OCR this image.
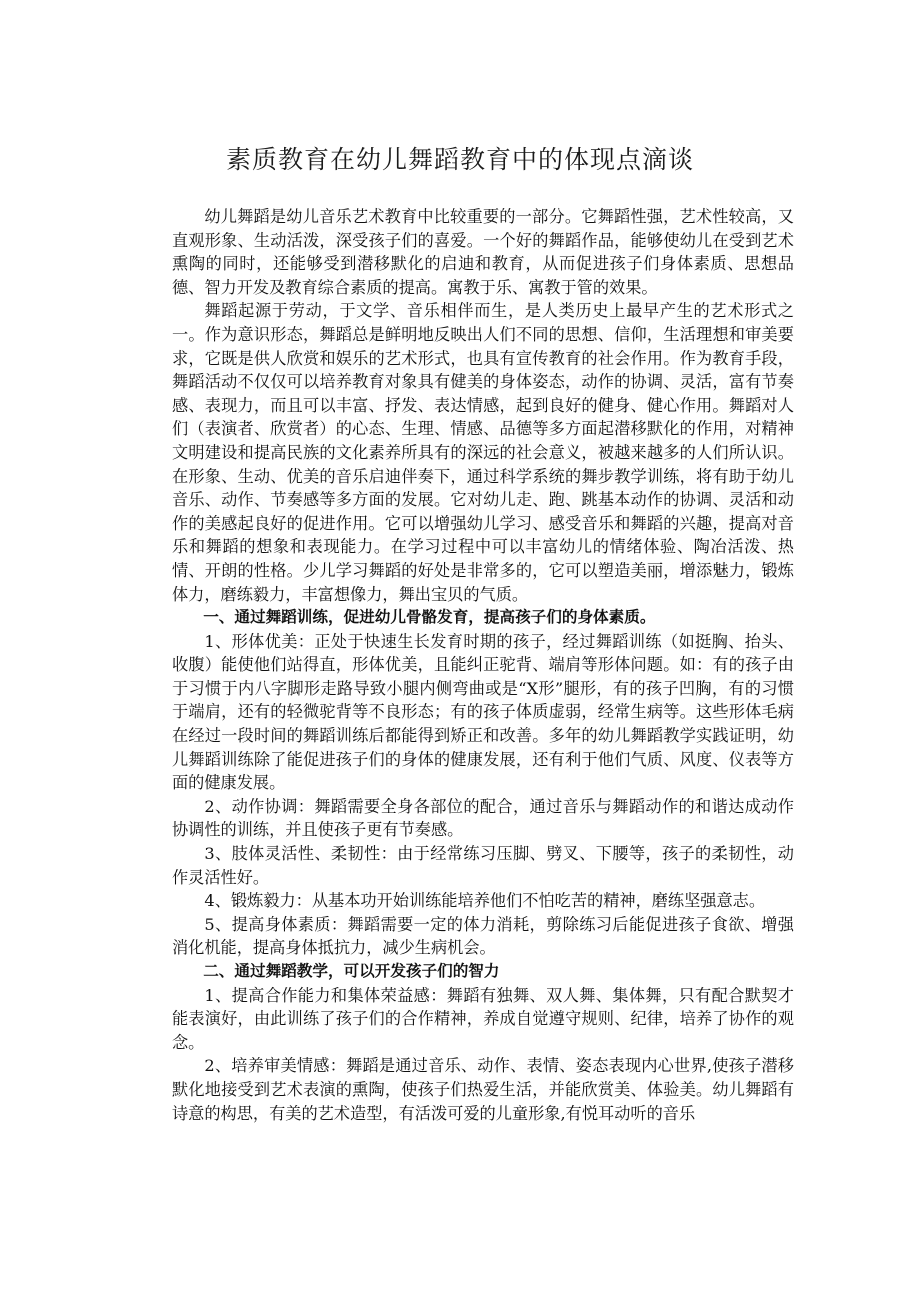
素质教育在幼儿舞蹈教育中的体现点滴谈

幼儿舞蹈是幼儿音乐艺术教育中比较重要的一部分。它舞蹈性强，艺术性较高，又直观形象、生动活泼，深受孩子们的喜爱。一个好的舞蹈作品，能够使幼儿在受到艺术熏陶的同时，还能够受到潜移默化的启迪和教育，从而促进孩子们身体素质、思想品德、智力开发及教育综合素质的提高。寓教于乐、寓教于管的效果。

舞蹈起源于劳动，于文学、音乐相伴而生，是人类历史上最早产生的艺术形式之一。作为意识形态，舞蹈总是鲜明地反映出人们不同的思想、信仰，生活理想和审美要求，它既是供人欣赏和娱乐的艺术形式，也具有宣传教育的社会作用。作为教育手段，舞蹈活动不仅仅可以培养教育对象具有健美的身体姿态，动作的协调、灵活，富有节奏感、表现力，而且可以丰富、抒发、表达情感，起到良好的健身、健心作用。舞蹈对人们（表演者、欣赏者）的心态、生理、情感、品德等多方面起潜移默化的作用，对精神文明建设和提高民族的文化素养所具有的深远的社会意义，被越来越多的人们所认识。在形象、生动、优美的音乐启迪伴奏下，通过科学系统的舞步教学训练，将有助于幼儿音乐、动作、节奏感等多方面的发展。它对幼儿走、跑、跳基本动作的协调、灵活和动作的美感起良好的促进作用。它可以增强幼儿学习、感受音乐和舞蹈的兴趣，提高对音乐和舞蹈的想象和表现能力。在学习过程中可以丰富幼儿的情绪体验、陶冶活泼、热情、开朗的性格。少儿学习舞蹈的好处是非常多的，它可以塑造美丽，增添魅力，锻炼体力，磨练毅力，丰富想像力，舞出宝贝的气质。

一、通过舞蹈训练，促进幼儿骨骼发育，提高孩子们的身体素质。

1、形体优美：正处于快速生长发育时期的孩子，经过舞蹈训练（如挺胸、抬头、收腹）能使他们站得直，形体优美，且能纠正驼背、端肩等形体问题。如：有的孩子由于习惯于内八字脚形走路导致小腿内侧弯曲或是“X形”腿形，有的孩子凹胸，有的习惯于端肩，还有的轻微驼背等不良形态；有的孩子体质虚弱，经常生病等。这些形体毛病在经过一段时间的舞蹈训练后都能得到矫正和改善。多年的幼儿舞蹈教学实践证明，幼儿舞蹈训练除了能促进孩子们的身体的健康发展，还有利于他们气质、风度、仪表等方面的健康发展。

2、动作协调：舞蹈需要全身各部位的配合，通过音乐与舞蹈动作的和谐达成动作协调性的训练，并且使孩子更有节奏感。

3、肢体灵活性、柔韧性：由于经常练习压脚、劈叉、下腰等，孩子的柔韧性，动作灵活性好。

4、锻炼毅力：从基本功开始训练能培养他们不怕吃苦的精神，磨练坚强意志。

5、提高身体素质：舞蹈需要一定的体力消耗，剪除练习后能促进孩子食欲、增强消化机能，提高身体抵抗力，减少生病机会。

二、通过舞蹈教学，可以开发孩子们的智力

1、提高合作能力和集体荣益感：舞蹈有独舞、双人舞、集体舞，只有配合默契才能表演好，由此训练了孩子们的合作精神，养成自觉遵守规则、纪律，培养了协作的观念。

2、培养审美情感：舞蹈是通过音乐、动作、表情、姿态表现内心世界,使孩子潜移默化地接受到艺术表演的熏陶，使孩子们热爱生活，并能欣赏美、体验美。幼儿舞蹈有诗意的构思，有美的艺术造型，有活泼可爱的儿童形象,有悦耳动听的音乐
